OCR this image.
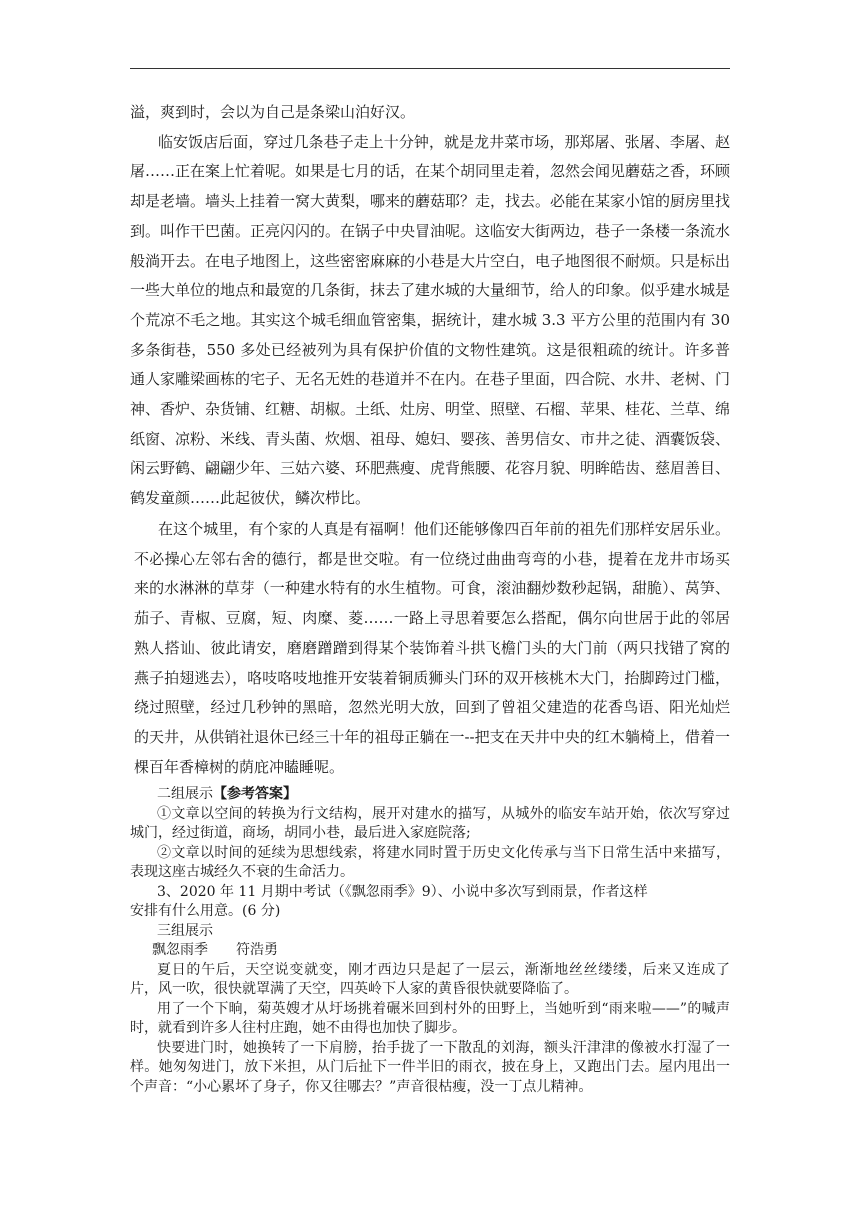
溢，爽到时，会以为自己是条梁山泊好汉。

临安饭店后面，穿过几条巷子走上十分钟，就是龙井菜市场，那郑屠、张屠、李屠、赵屠……正在案上忙着呢。如果是七月的话，在某个胡同里走着，忽然会闻见蘑菇之香，环顾却是老墙。墙头上挂着一窝大黄梨，哪来的蘑菇耶？走，找去。必能在某家小馆的厨房里找到。叫作干巴菌。正亮闪闪的。在锅子中央冒油呢。这临安大街两边，巷子一条楼一条流水般淌开去。在电子地图上，这些密密麻麻的小巷是大片空白，电子地图很不耐烦。只是标出一些大单位的地点和最宽的几条街，抹去了建水城的大量细节，给人的印象。似乎建水城是个荒凉不毛之地。其实这个城毛细血管密集，据统计，建水城 3.3 平方公里的范围内有 30 多条街巷，550 多处已经被列为具有保护价值的文物性建筑。这是很粗疏的统计。许多普通人家雕梁画栋的宅子、无名无姓的巷道并不在内。在巷子里面，四合院、水井、老树、门神、香炉、杂货铺、红糖、胡椒。土纸、灶房、明堂、照壁、石榴、苹果、桂花、兰草、绵纸窗、凉粉、米线、青头菌、炊烟、祖母、媳妇、婴孩、善男信女、市井之徒、酒囊饭袋、闲云野鹤、翩翩少年、三姑六婆、环肥燕瘦、虎背熊腰、花容月貌、明眸皓齿、慈眉善目、鹤发童颜……此起彼伏，鳞次栉比。

在这个城里，有个家的人真是有福啊！他们还能够像四百年前的祖先们那样安居乐业。不必操心左邻右舍的德行，都是世交啦。有一位绕过曲曲弯弯的小巷，提着在龙井市场买来的水淋淋的草芽（一种建水特有的水生植物。可食，滚油翻炒数秒起锅，甜脆）、莴笋、茄子、青椒、豆腐，短、肉糜、菱……一路上寻思着要怎么搭配，偶尔向世居于此的邻居熟人搭讪、彼此请安，磨磨蹭蹭到得某个装饰着斗拱飞檐门头的大门前（两只找错了窝的燕子拍翅逃去），咯吱咯吱地推开安装着铜质狮头门环的双开核桃木大门，抬脚跨过门槛，绕过照壁，经过几秒钟的黑暗，忽然光明大放，回到了曾祖父建造的花香鸟语、阳光灿烂的天井，从供销社退休已经三十年的祖母正躺在一--把支在天井中央的红木躺椅上，借着一棵百年香樟树的荫庇冲瞌睡呢。

二组展示【参考答案】

①文章以空间的转换为行文结构，展开对建水的描写，从城外的临安车站开始，依次写穿过城门，经过街道，商场，胡同小巷，最后进入家庭院落;

②文章以时间的延续为思想线索，将建水同时置于历史文化传承与当下日常生活中来描写，表现这座古城经久不衰的生命活力。

3、2020 年 11 月期中考试（《飘忽雨季》9）、小说中多次写到雨景，作者这样

安排有什么用意。(6 分)

三组展示

飘忽雨季 符浩勇

夏日的午后，天空说变就变，刚才西边只是起了一层云，渐渐地丝丝缕缕，后来又连成了片，风一吹，很快就罩满了天空，四英岭下人家的黄昏很快就要降临了。

用了一个下晌，菊英嫂才从圩场挑着碾米回到村外的田野上，当她听到“雨来啦——”的喊声时，就看到许多人往村庄跑，她不由得也加快了脚步。

快要进门时，她换转了一下肩膀，抬手拢了一下散乱的刘海，额头汗津津的像被水打湿了一样。她匆匆进门，放下米担，从门后扯下一件半旧的雨衣，披在身上，又跑出门去。屋内甩出一个声音：“小心累坏了身子，你又往哪去？”声音很枯瘦，没一丁点儿精神。
